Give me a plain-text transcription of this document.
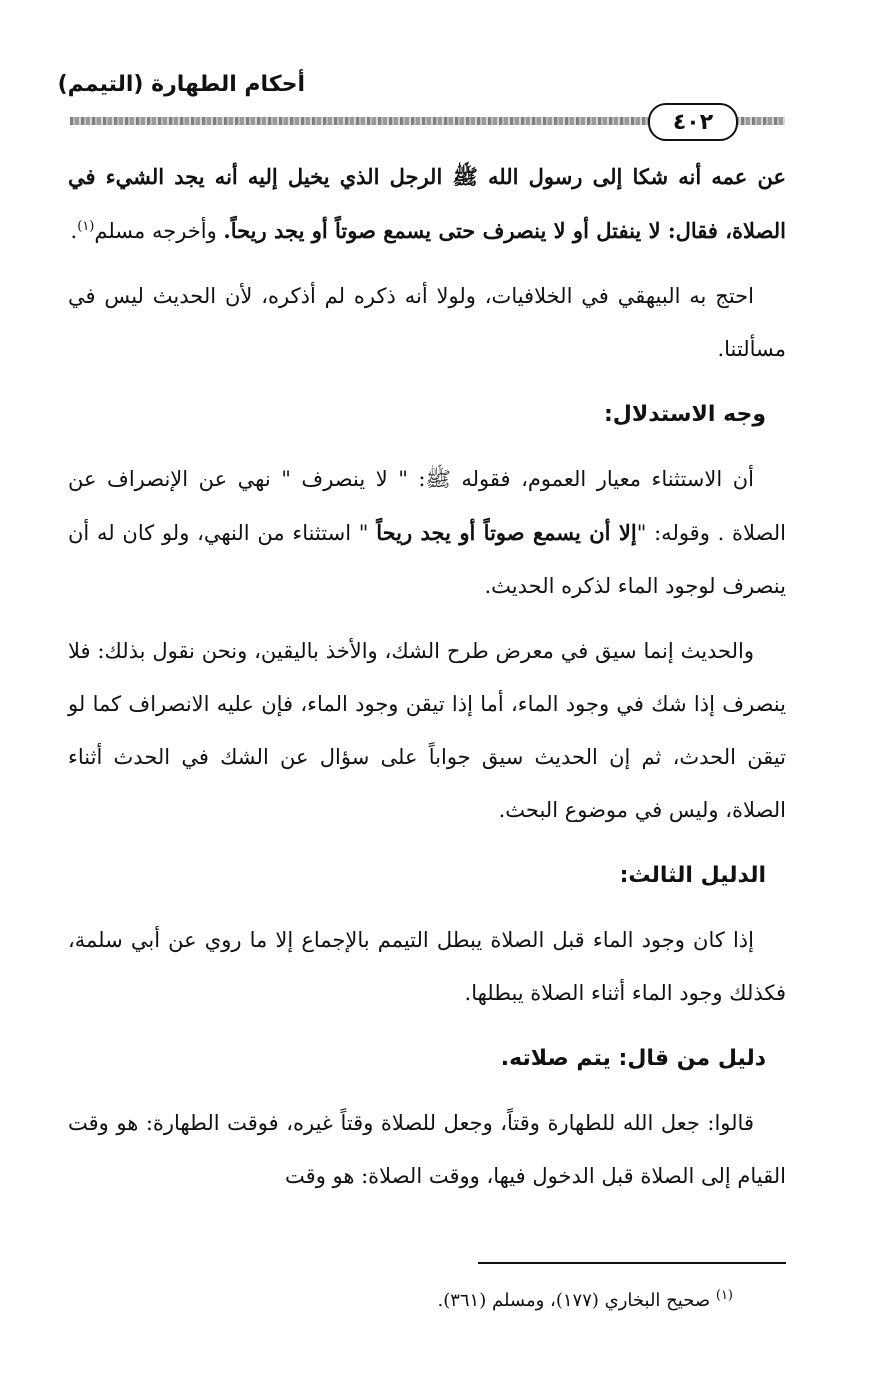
أحكام الطهارة (التيمم)
٤٠٢

عن عمه أنه شكا إلى رسول الله ﷺ الرجل الذي يخيل إليه أنه يجد الشيء في الصلاة، فقال: لا ينفتل أو لا ينصرف حتى يسمع صوتاً أو يجد ريحاً. وأخرجه مسلم$^{(١)}$.

احتج به البيهقي في الخلافيات، ولولا أنه ذكره لم أذكره، لأن الحديث ليس في مسألتنا.

وجه الاستدلال:

أن الاستثناء معيار العموم، فقوله ﷺ: " لا ينصرف " نهي عن الإنصراف عن الصلاة . وقوله: "إلا أن يسمع صوتاً أو يجد ريحاً " استثناء من النهي، ولو كان له أن ينصرف لوجود الماء لذكره الحديث.

والحديث إنما سيق في معرض طرح الشك، والأخذ باليقين، ونحن نقول بذلك: فلا ينصرف إذا شك في وجود الماء، أما إذا تيقن وجود الماء، فإن عليه الانصراف كما لو تيقن الحدث، ثم إن الحديث سيق جواباً على سؤال عن الشك في الحدث أثناء الصلاة، وليس في موضوع البحث.

الدليل الثالث:

إذا كان وجود الماء قبل الصلاة يبطل التيمم بالإجماع إلا ما روي عن أبي سلمة، فكذلك وجود الماء أثناء الصلاة يبطلها.

دليل من قال: يتم صلاته.

قالوا: جعل الله للطهارة وقتاً، وجعل للصلاة وقتاً غيره، فوقت الطهارة: هو وقت القيام إلى الصلاة قبل الدخول فيها، ووقت الصلاة: هو وقت

$^{(١)}$ صحيح البخاري (١٧٧)، ومسلم (٣٦١).
